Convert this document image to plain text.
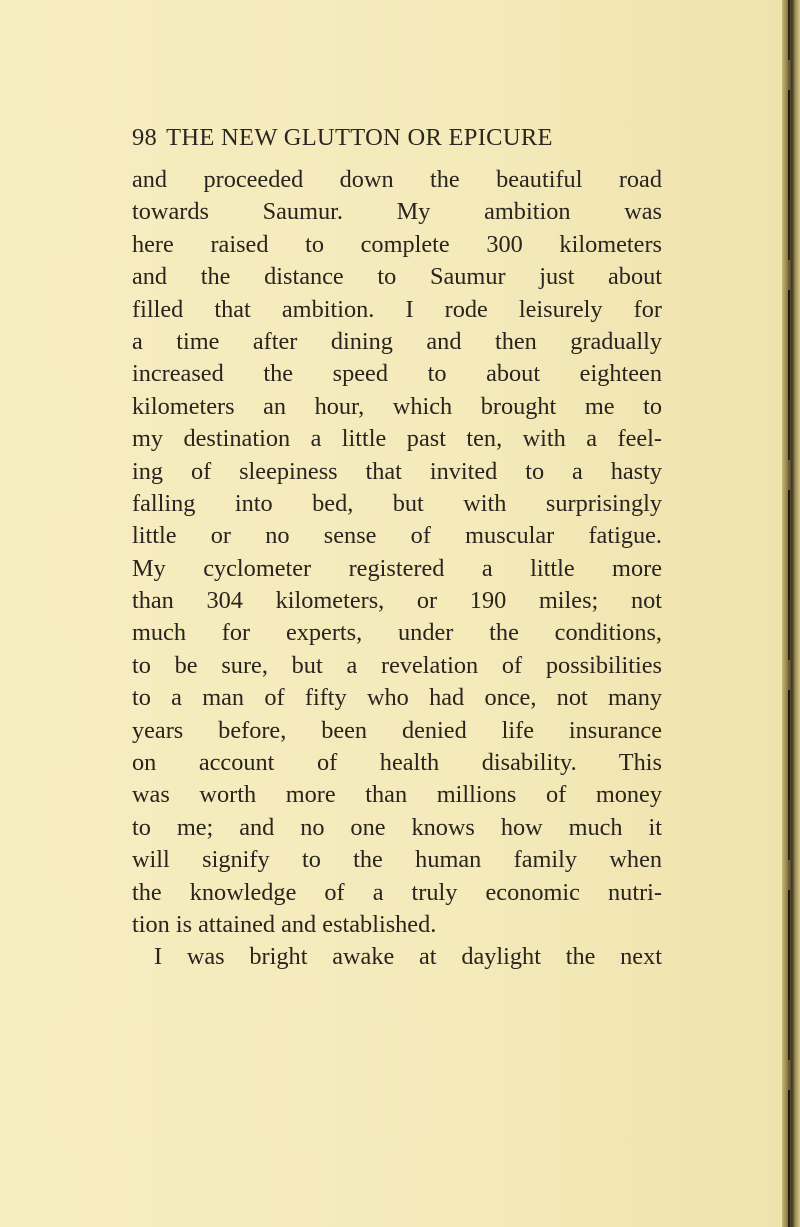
98 THE NEW GLUTTON OR EPICURE
and proceeded down the beautiful road
towards Saumur. My ambition was
here raised to complete 300 kilometers
and the distance to Saumur just about
filled that ambition. I rode leisurely for
a time after dining and then gradually
increased the speed to about eighteen
kilometers an hour, which brought me to
my destination a little past ten, with a feel-
ing of sleepiness that invited to a hasty
falling into bed, but with surprisingly
little or no sense of muscular fatigue.
My cyclometer registered a little more
than 304 kilometers, or 190 miles; not
much for experts, under the conditions,
to be sure, but a revelation of possibilities
to a man of fifty who had once, not many
years before, been denied life insurance
on account of health disability. This
was worth more than millions of money
to me; and no one knows how much it
will signify to the human family when
the knowledge of a truly economic nutri-
tion is attained and established.
I was bright awake at daylight the next
